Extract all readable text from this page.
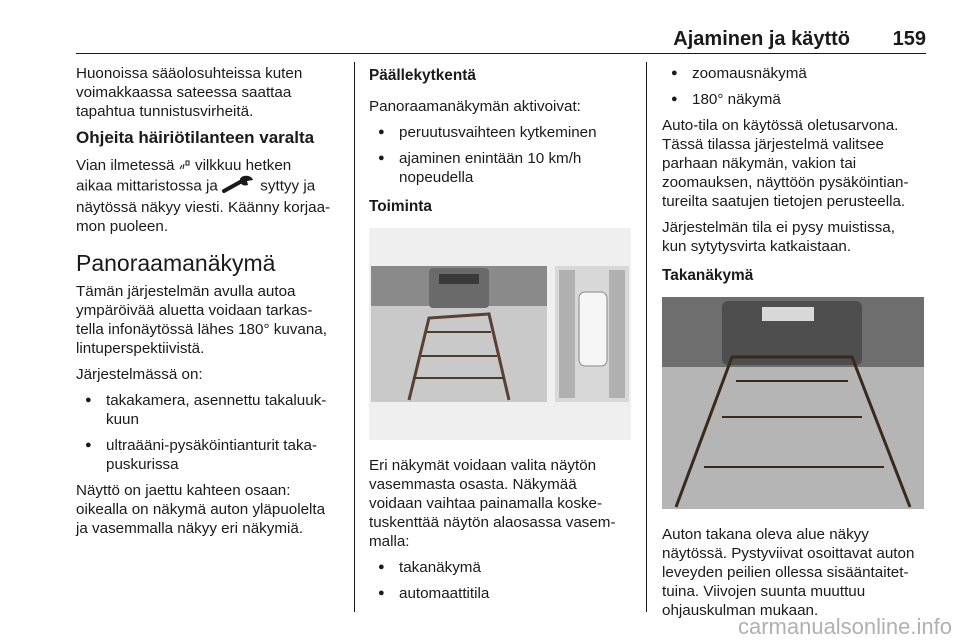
Ajaminen ja käyttö 159

Huonoissa sääolosuhteissa kuten
voimakkaassa sateessa saattaa
tapahtua tunnistusvirheitä.

Ohjeita häiriötilanteen varalta

Vian ilmetessä vilkkuu hetken
aikaa mittaristossa ja	syttyy ja
näytössä näkyy viesti. Käänny korjaa-
mon puoleen.

Panoraamanäkymä

Tämän järjestelmän avulla autoa
ympäröivää aluetta voidaan tarkas-
tella infonäytössä lähes 180° kuvana,
lintuperspektiivistä.

Järjestelmässä on:

● takakamera, asennettu takaluuk-
kuun
● ultraääni-pysäköintianturit taka-
puskurissa

Näyttö on jaettu kahteen osaan:
oikealla on näkymä auton yläpuolelta
ja vasemmalla näkyy eri näkymiä.

Päällekytkentä

Panoraamanäkymän aktivoivat:

● peruutusvaihteen kytkeminen
● ajaminen enintään 10 km/h
nopeudella
Toiminta

Eri näkymät voidaan valita näytön
vasemmasta osasta. Näkymää
voidaan vaihtaa painamalla koske-
tuskenttää näytön alaosassa vasem-
malla:

● takanäkymä
● automaattitila
● zoomausnäkymä
● 180° näkymä

Auto-tila on käytössä oletusarvona.
Tässä tilassa järjestelmä valitsee
parhaan näkymän, vakion tai
zoomauksen, näyttöön pysäköintian-
tureilta saatujen tietojen perusteella.

Järjestelmän tila ei pysy muistissa,
kun sytytysvirta katkaistaan.

Takanäkymä

Auton takana oleva alue näkyy
näytössä. Pystyviivat osoittavat auton
leveyden peilien ollessa sisääntaitet-
tuina. Viivojen suunta muuttuu
ohjauskulman mukaan.

carmanualsonline.info
